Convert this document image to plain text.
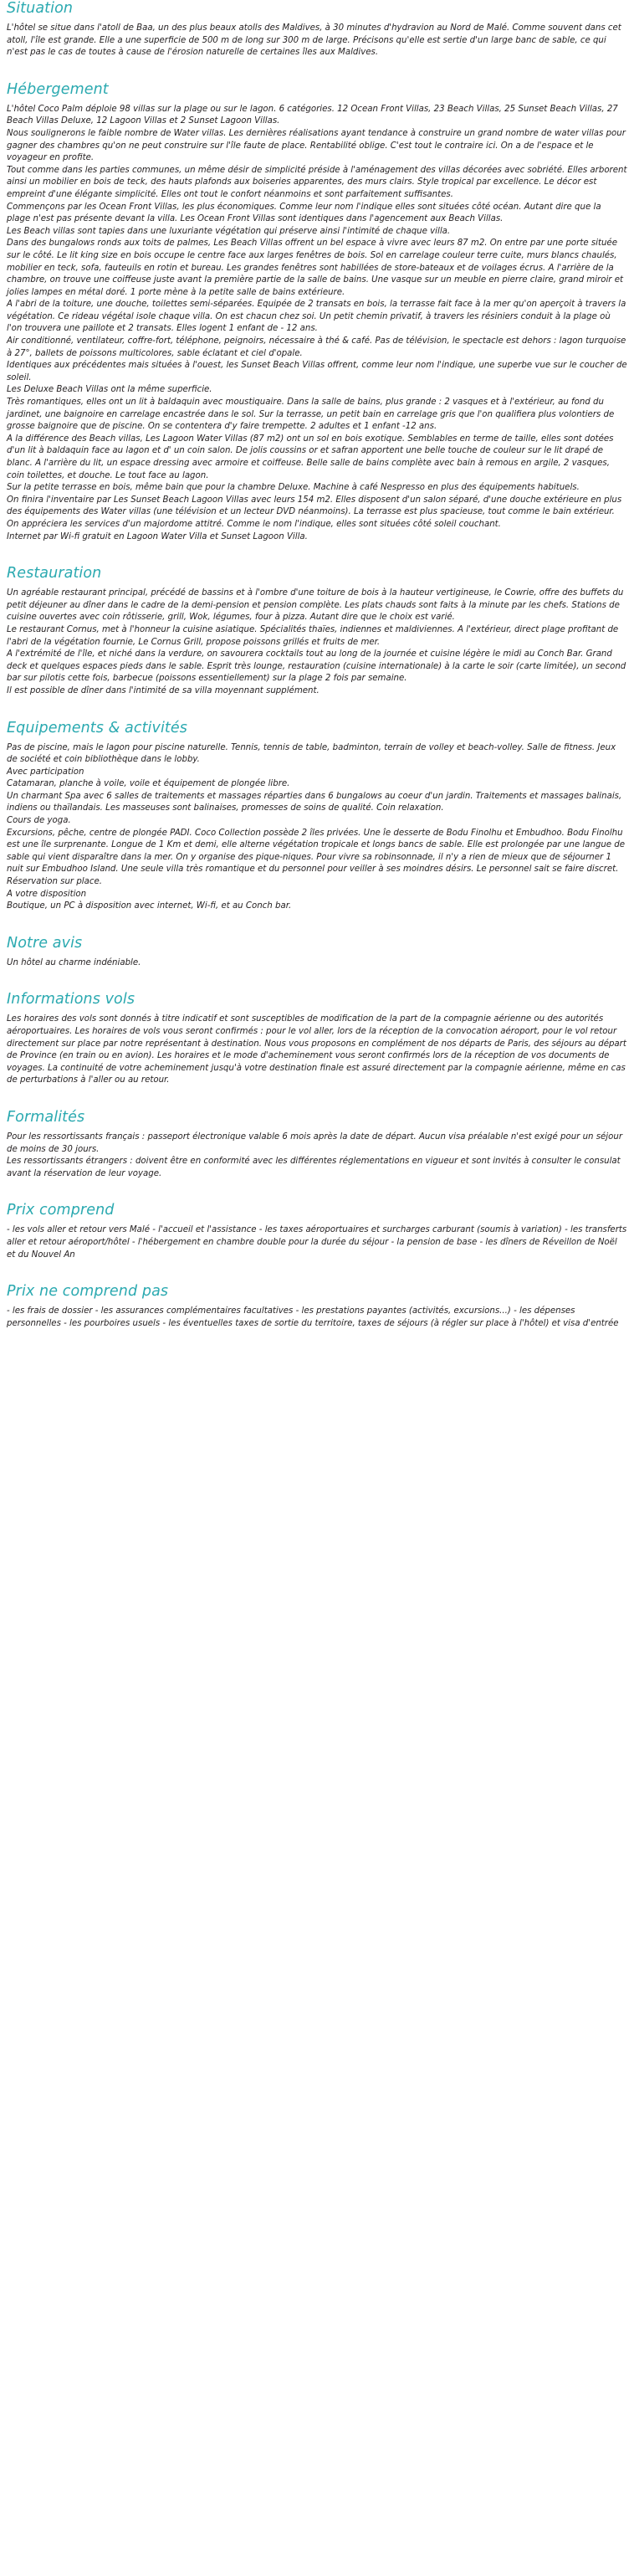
Situation

L'hôtel se situe dans l'atoll de Baa, un des plus beaux atolls des Maldives, à 30 minutes d'hydravion au Nord de Malé. Comme souvent dans cet atoll, l'île est grande. Elle a une superficie de 500 m de long sur 300 m de large. Précisons qu'elle est sertie d'un large banc de sable, ce qui n'est pas le cas de toutes à cause de l'érosion naturelle de certaines îles aux Maldives.

Hébergement

L'hôtel Coco Palm déploie 98 villas sur la plage ou sur le lagon. 6 catégories. 12 Ocean Front Villas, 23 Beach Villas, 25 Sunset Beach Villas, 27 Beach Villas Deluxe, 12 Lagoon Villas et 2 Sunset Lagoon Villas.

Nous soulignerons le faible nombre de Water villas. Les dernières réalisations ayant tendance à construire un grand nombre de water villas pour gagner des chambres qu'on ne peut construire sur l'île faute de place. Rentabilité oblige. C'est tout le contraire ici. On a de l'espace et le voyageur en profite.

Tout comme dans les parties communes, un même désir de simplicité préside à l'aménagement des villas décorées avec sobriété. Elles arborent ainsi un mobilier en bois de teck, des hauts plafonds aux boiseries apparentes, des murs clairs. Style tropical par excellence. Le décor est empreint d'une élégante simplicité. Elles ont tout le confort néanmoins et sont parfaitement suffisantes.

Commençons par les Ocean Front Villas, les plus économiques. Comme leur nom l'indique elles sont situées côté océan. Autant dire que la plage n'est pas présente devant la villa. Les Ocean Front Villas sont identiques dans l'agencement aux Beach Villas.

Les Beach villas sont tapies dans une luxuriante végétation qui préserve ainsi l'intimité de chaque villa.

Dans des bungalows ronds aux toits de palmes, Les Beach Villas offrent un bel espace à vivre avec leurs 87 m2. On entre par une porte située sur le côté. Le lit king size en bois occupe le centre face aux larges fenêtres de bois. Sol en carrelage couleur terre cuite, murs blancs chaulés, mobilier en teck, sofa, fauteuils en rotin et bureau. Les grandes fenêtres sont habillées de store-bateaux et de voilages écrus. A l'arrière de la chambre, on trouve une coiffeuse juste avant la première partie de la salle de bains. Une vasque sur un meuble en pierre claire, grand miroir et jolies lampes en métal doré. 1 porte mène à la petite salle de bains extérieure.

A l'abri de la toiture, une douche, toilettes semi-séparées. Equipée de 2 transats en bois, la terrasse fait face à la mer qu'on aperçoit à travers la végétation. Ce rideau végétal isole chaque villa. On est chacun chez soi. Un petit chemin privatif, à travers les résiniers conduit à la plage où l'on trouvera une paillote et 2 transats. Elles logent 1 enfant de - 12 ans.

Air conditionné, ventilateur, coffre-fort, téléphone, peignoirs, nécessaire à thé & café. Pas de télévision, le spectacle est dehors : lagon turquoise à 27°, ballets de poissons multicolores, sable éclatant et ciel d'opale.

Identiques aux précédentes mais situées à l'ouest, les Sunset Beach Villas offrent, comme leur nom l'indique, une superbe vue sur le coucher de soleil.

Les Deluxe Beach Villas ont la même superficie.

Très romantiques, elles ont un lit à baldaquin avec moustiquaire. Dans la salle de bains, plus grande : 2 vasques et à l'extérieur, au fond du jardinet, une baignoire en carrelage encastrée dans le sol. Sur la terrasse, un petit bain en carrelage gris que l'on qualifiera plus volontiers de grosse baignoire que de piscine. On se contentera d'y faire trempette. 2 adultes et 1 enfant -12 ans.

A la différence des Beach villas, Les Lagoon Water Villas (87 m2) ont un sol en bois exotique. Semblables en terme de taille, elles sont dotées d'un lit à baldaquin face au lagon et d' un coin salon. De jolis coussins or et safran apportent une belle touche de couleur sur le lit drapé de blanc. A l'arrière du lit, un espace dressing avec armoire et coiffeuse. Belle salle de bains complète avec bain à remous en argile, 2 vasques, coin toilettes, et douche. Le tout face au lagon.

Sur la petite terrasse en bois, même bain que pour la chambre Deluxe. Machine à café Nespresso en plus des équipements habituels.

On finira l'inventaire par Les Sunset Beach Lagoon Villas avec leurs 154 m2. Elles disposent d'un salon séparé, d'une douche extérieure en plus des équipements des Water villas (une télévision et un lecteur DVD néanmoins). La terrasse est plus spacieuse, tout comme le bain extérieur. On appréciera les services d'un majordome attitré. Comme le nom l'indique, elles sont situées côté soleil couchant.

Internet par Wi-fi gratuit en Lagoon Water Villa et Sunset Lagoon Villa.

Restauration

Un agréable restaurant principal, précédé de bassins et à l'ombre d'une toiture de bois à la hauteur vertigineuse, le Cowrie, offre des buffets du petit déjeuner au dîner dans le cadre de la demi-pension et pension complète. Les plats chauds sont faits à la minute par les chefs. Stations de cuisine ouvertes avec coin rôtisserie, grill, Wok, légumes, four à pizza. Autant dire que le choix est varié.

Le restaurant Cornus, met à l'honneur la cuisine asiatique. Spécialités thaïes, indiennes et maldiviennes. A l'extérieur, direct plage profitant de l'abri de la végétation fournie, Le Cornus Grill, propose poissons grillés et fruits de mer.

A l'extrémité de l'île, et niché dans la verdure, on savourera cocktails tout au long de la journée et cuisine légère le midi au Conch Bar. Grand deck et quelques espaces pieds dans le sable. Esprit très lounge, restauration (cuisine internationale) à la carte le soir (carte limitée), un second bar sur pilotis cette fois, barbecue (poissons essentiellement) sur la plage 2 fois par semaine.

Il est possible de dîner dans l'intimité de sa villa moyennant supplément.

Equipements & activités

Pas de piscine, mais le lagon pour piscine naturelle. Tennis, tennis de table, badminton, terrain de volley et beach-volley. Salle de fitness. Jeux de société et coin bibliothèque dans le lobby.

Avec participation

Catamaran, planche à voile, voile et équipement de plongée libre.

Un charmant Spa avec 6 salles de traitements et massages réparties dans 6 bungalows au coeur d'un jardin. Traitements et massages balinais, indiens ou thaïlandais. Les masseuses sont balinaises, promesses de soins de qualité. Coin relaxation.

Cours de yoga.

Excursions, pêche, centre de plongée PADI. Coco Collection possède 2 îles privées. Une îe desserte de Bodu Finolhu et Embudhoo. Bodu Finolhu est une île surprenante. Longue de 1 Km et demi, elle alterne végétation tropicale et longs bancs de sable. Elle est prolongée par une langue de sable qui vient disparaître dans la mer. On y organise des pique-niques. Pour vivre sa robinsonnade, il n'y a rien de mieux que de séjourner 1 nuit sur Embudhoo Island. Une seule villa très romantique et du personnel pour veiller à ses moindres désirs. Le personnel sait se faire discret. Réservation sur place.

A votre disposition

Boutique, un PC à disposition avec internet, Wi-fi, et au Conch bar.

Notre avis

Un hôtel au charme indéniable.

Informations vols

Les horaires des vols sont donnés à titre indicatif et sont susceptibles de modification de la part de la compagnie aérienne ou des autorités aéroportuaires. Les horaires de vols vous seront confirmés : pour le vol aller, lors de la réception de la convocation aéroport, pour le vol retour directement sur place par notre représentant à destination. Nous vous proposons en complément de nos départs de Paris, des séjours au départ de Province (en train ou en avion). Les horaires et le mode d'acheminement vous seront confirmés lors de la réception de vos documents de voyages. La continuité de votre acheminement jusqu'à votre destination finale est assuré directement par la compagnie aérienne, même en cas de perturbations à l'aller ou au retour.

Formalités

Pour les ressortissants français : passeport électronique valable 6 mois après la date de départ. Aucun visa préalable n'est exigé pour un séjour de moins de 30 jours.

Les ressortissants étrangers : doivent être en conformité avec les différentes réglementations en vigueur et sont invités à consulter le consulat avant la réservation de leur voyage.

Prix comprend

- les vols aller et retour vers Malé - l'accueil et l'assistance - les taxes aéroportuaires et surcharges carburant (soumis à variation) - les transferts aller et retour aéroport/hôtel - l'hébergement en chambre double pour la durée du séjour - la pension de base - les dîners de Réveillon de Noël et du Nouvel An

Prix ne comprend pas

- les frais de dossier - les assurances complémentaires facultatives - les prestations payantes (activités, excursions...) - les dépenses personnelles - les pourboires usuels - les éventuelles taxes de sortie du territoire, taxes de séjours (à régler sur place à l'hôtel) et visa d'entrée
